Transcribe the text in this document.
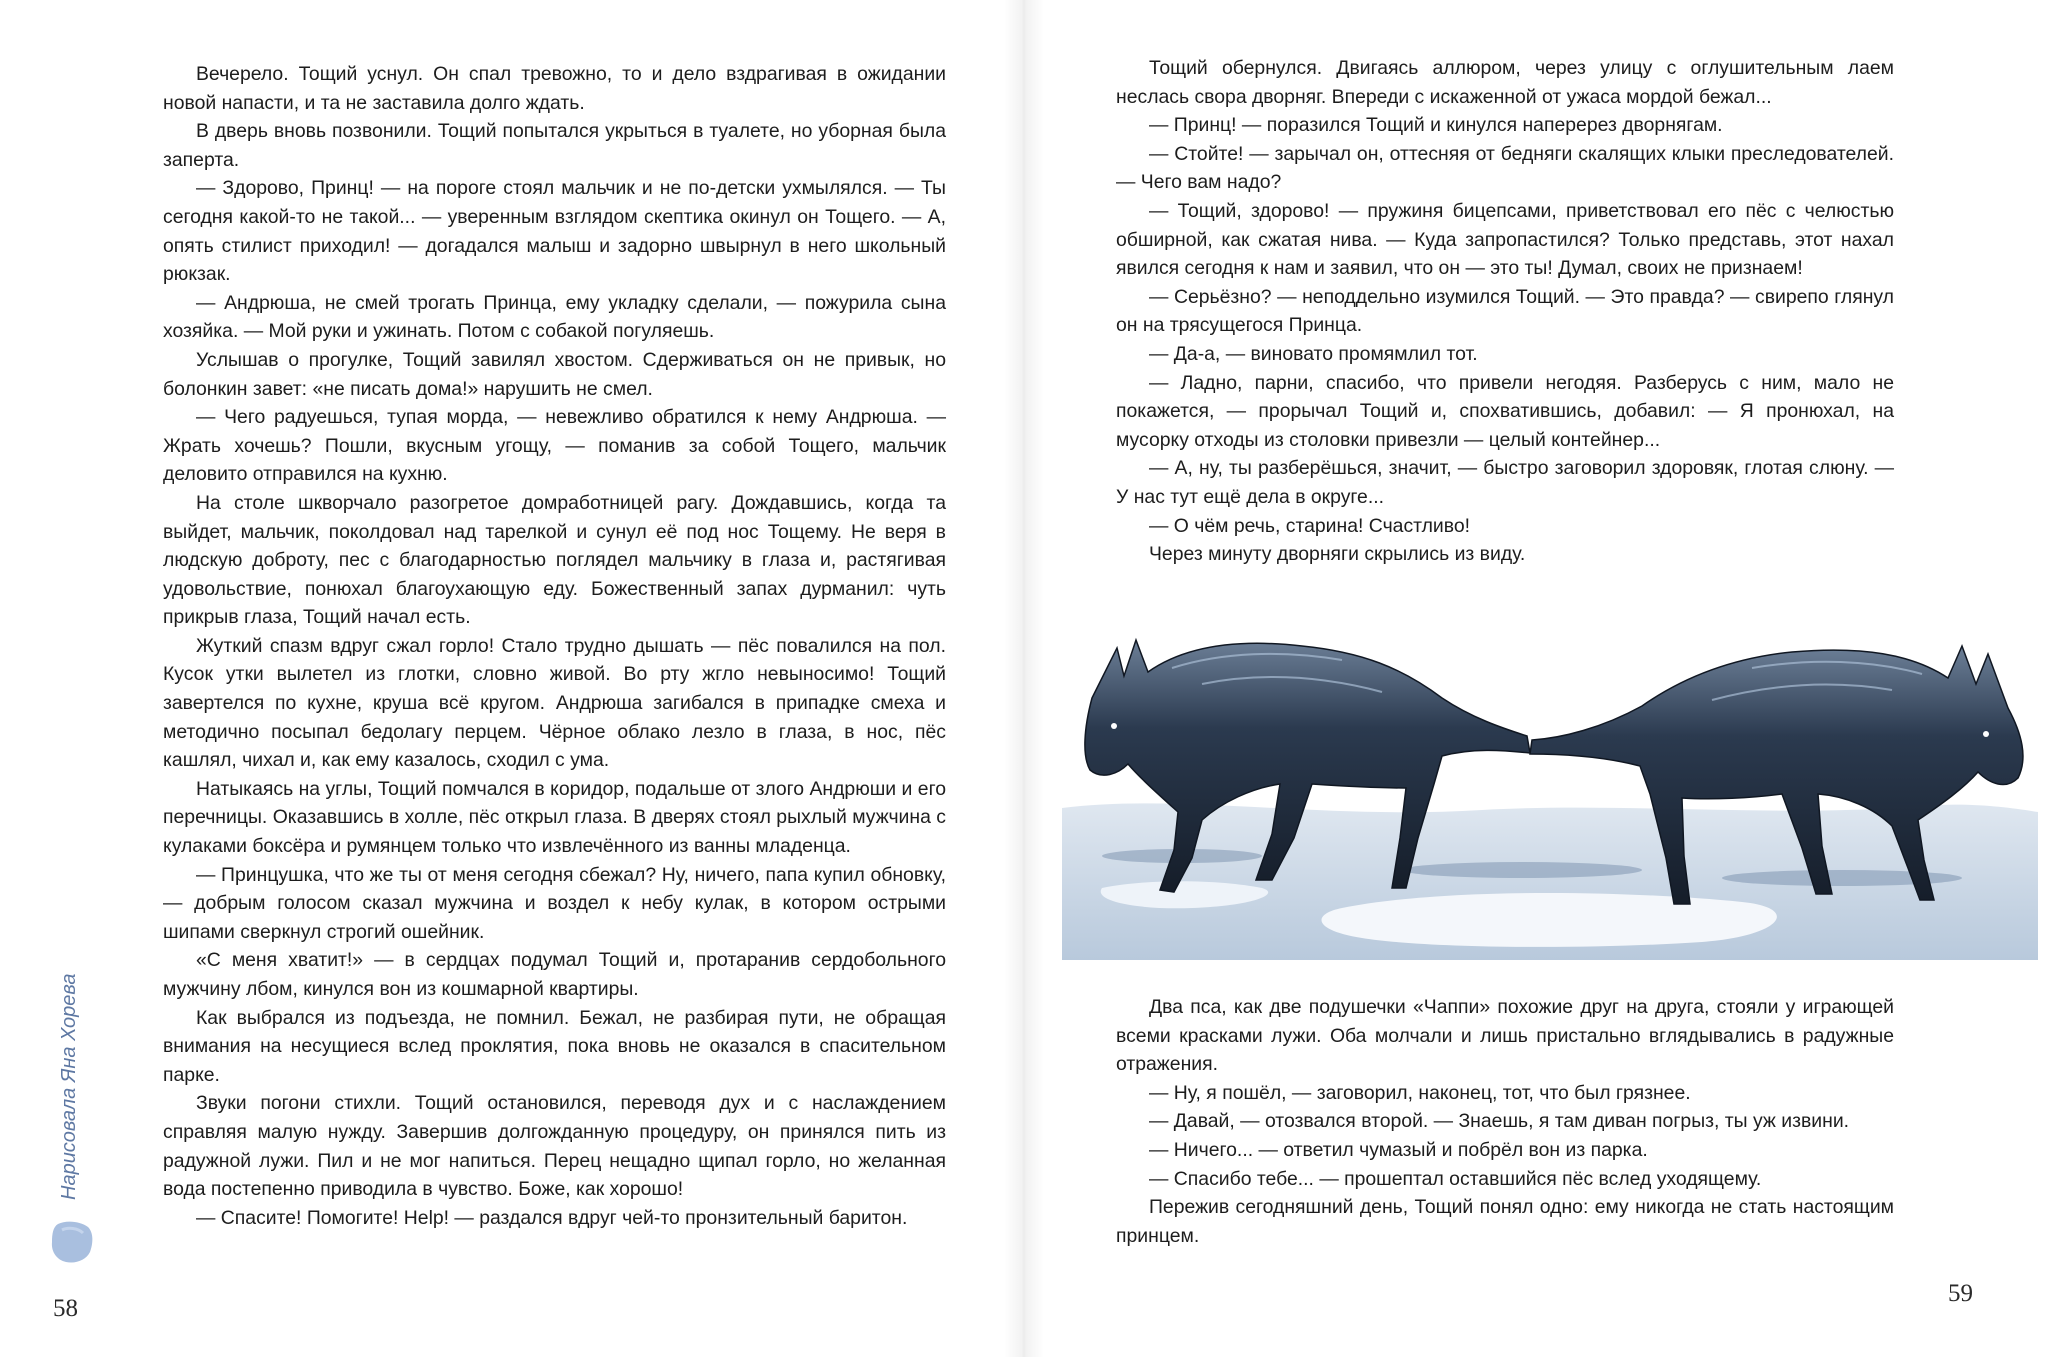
Вечерело. Тощий уснул. Он спал тревожно, то и дело вздрагивая в ожидании новой напасти, и та не заставила долго ждать.

В дверь вновь позвонили. Тощий попытался укрыться в туалете, но уборная была заперта.

— Здорово, Принц! — на пороге стоял мальчик и не по-детски ухмылялся. — Ты сегодня какой-то не такой... — уверенным взглядом скептика окинул он Тощего. — А, опять стилист приходил! — догадался малыш и задорно швырнул в него школьный рюкзак.

— Андрюша, не смей трогать Принца, ему укладку сделали, — пожурила сына хозяйка. — Мой руки и ужинать. Потом с собакой погуляешь.

Услышав о прогулке, Тощий завилял хвостом. Сдерживаться он не привык, но болонкин завет: «не писать дома!» нарушить не смел.

— Чего радуешься, тупая морда, — невежливо обратился к нему Андрюша. — Жрать хочешь? Пошли, вкусным угощу, — поманив за собой Тощего, мальчик деловито отправился на кухню.

На столе шкворчало разогретое домработницей рагу. Дождавшись, когда та выйдет, мальчик, поколдовал над тарелкой и сунул её под нос Тощему. Не веря в людскую доброту, пес с благодарностью поглядел мальчику в глаза и, растягивая удовольствие, понюхал благоухающую еду. Божественный запах дурманил: чуть прикрыв глаза, Тощий начал есть.

Жуткий спазм вдруг сжал горло! Стало трудно дышать — пёс повалился на пол. Кусок утки вылетел из глотки, словно живой. Во рту жгло невыносимо! Тощий завертелся по кухне, круша всё кругом. Андрюша загибался в припадке смеха и методично посыпал бедолагу перцем. Чёрное облако лезло в глаза, в нос, пёс кашлял, чихал и, как ему казалось, сходил с ума.

Натыкаясь на углы, Тощий помчался в коридор, подальше от злого Андрюши и его перечницы. Оказавшись в холле, пёс открыл глаза. В дверях стоял рыхлый мужчина с кулаками боксёра и румянцем только что извлечённого из ванны младенца.

— Принцушка, что же ты от меня сегодня сбежал? Ну, ничего, папа купил обновку, — добрым голосом сказал мужчина и воздел к небу кулак, в котором острыми шипами сверкнул строгий ошейник.

«С меня хватит!» — в сердцах подумал Тощий и, протаранив сердобольного мужчину лбом, кинулся вон из кошмарной квартиры.

Как выбрался из подъезда, не помнил. Бежал, не разбирая пути, не обращая внимания на несущиеся вслед проклятия, пока вновь не оказался в спасительном парке.

Звуки погони стихли. Тощий остановился, переводя дух и с наслаждением справляя малую нужду. Завершив долгожданную процедуру, он принялся пить из радужной лужи. Пил и не мог напиться. Перец нещадно щипал горло, но желанная вода постепенно приводила в чувство. Боже, как хорошо!

— Спасите! Помогите! Help! — раздался вдруг чей-то пронзительный баритон.

Нарисовала Яна Хорева
58

Тощий обернулся. Двигаясь аллюром, через улицу с оглушительным лаем неслась свора дворняг. Впереди с искаженной от ужаса мордой бежал...

— Принц! — поразился Тощий и кинулся наперерез дворнягам.

— Стойте! — зарычал он, оттесняя от бедняги скалящих клыки преследователей. — Чего вам надо?

— Тощий, здорово! — пружиня бицепсами, приветствовал его пёс с челюстью обширной, как сжатая нива. — Куда запропастился? Только представь, этот нахал явился сегодня к нам и заявил, что он — это ты! Думал, своих не признаем!

— Серьёзно? — неподдельно изумился Тощий. — Это правда? — свирепо глянул он на трясущегося Принца.

— Да-а, — виновато промямлил тот.

— Ладно, парни, спасибо, что привели негодяя. Разберусь с ним, мало не покажется, — прорычал Тощий и, спохватившись, добавил: — Я пронюхал, на мусорку отходы из столовки привезли — целый контейнер...

— А, ну, ты разберёшься, значит, — быстро заговорил здоровяк, глотая слюну. — У нас тут ещё дела в округе...

— О чём речь, старина! Счастливо!

Через минуту дворняги скрылись из виду.

Два пса, как две подушечки «Чаппи» похожие друг на друга, стояли у играющей всеми красками лужи. Оба молчали и лишь пристально вглядывались в радужные отражения.

— Ну, я пошёл, — заговорил, наконец, тот, что был грязнее.

— Давай, — отозвался второй. — Знаешь, я там диван погрыз, ты уж извини.

— Ничего... — ответил чумазый и побрёл вон из парка.

— Спасибо тебе... — прошептал оставшийся пёс вслед уходящему.

Пережив сегодняшний день, Тощий понял одно: ему никогда не стать настоящим принцем.

59
